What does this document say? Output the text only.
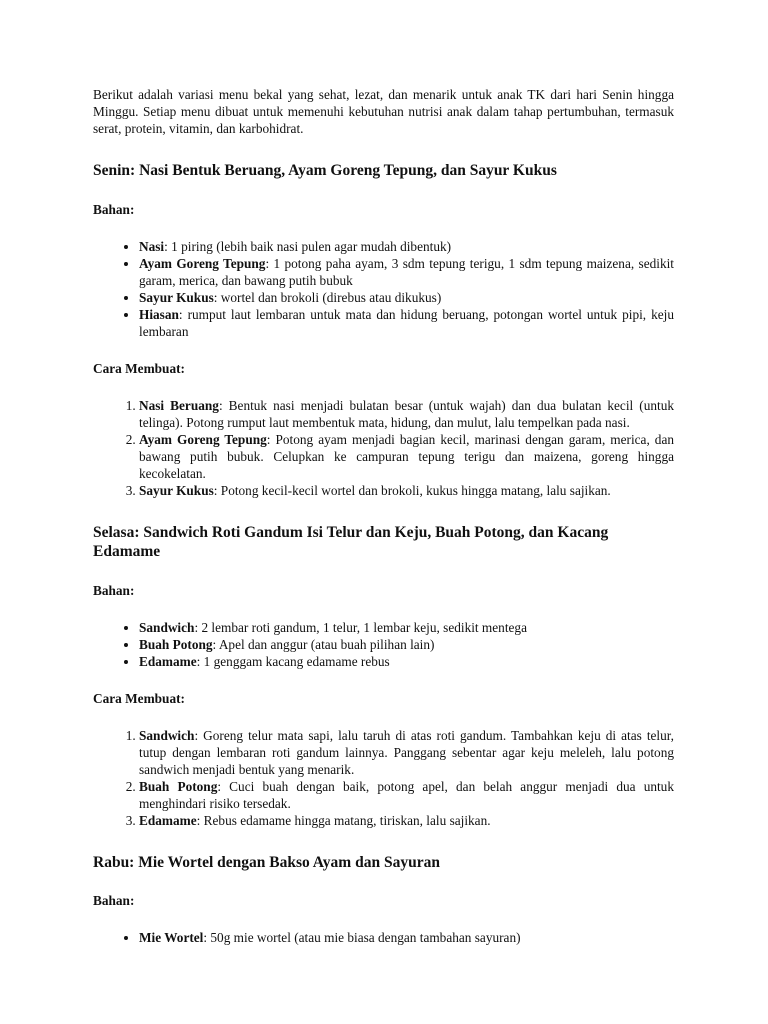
Berikut adalah variasi menu bekal yang sehat, lezat, dan menarik untuk anak TK dari hari Senin hingga Minggu. Setiap menu dibuat untuk memenuhi kebutuhan nutrisi anak dalam tahap pertumbuhan, termasuk serat, protein, vitamin, dan karbohidrat.

Senin: Nasi Bentuk Beruang, Ayam Goreng Tepung, dan Sayur Kukus

Bahan:

• Nasi: 1 piring (lebih baik nasi pulen agar mudah dibentuk)
• Ayam Goreng Tepung: 1 potong paha ayam, 3 sdm tepung terigu, 1 sdm tepung maizena, sedikit garam, merica, dan bawang putih bubuk
• Sayur Kukus: wortel dan brokoli (direbus atau dikukus)
• Hiasan: rumput laut lembaran untuk mata dan hidung beruang, potongan wortel untuk pipi, keju lembaran

Cara Membuat:

1. Nasi Beruang: Bentuk nasi menjadi bulatan besar (untuk wajah) dan dua bulatan kecil (untuk telinga). Potong rumput laut membentuk mata, hidung, dan mulut, lalu tempelkan pada nasi.
2. Ayam Goreng Tepung: Potong ayam menjadi bagian kecil, marinasi dengan garam, merica, dan bawang putih bubuk. Celupkan ke campuran tepung terigu dan maizena, goreng hingga kecokelatan.
3. Sayur Kukus: Potong kecil-kecil wortel dan brokoli, kukus hingga matang, lalu sajikan.
Selasa: Sandwich Roti Gandum Isi Telur dan Keju, Buah Potong, dan Kacang Edamame

Bahan:

• Sandwich: 2 lembar roti gandum, 1 telur, 1 lembar keju, sedikit mentega
• Buah Potong: Apel dan anggur (atau buah pilihan lain)
• Edamame: 1 genggam kacang edamame rebus

Cara Membuat:

1. Sandwich: Goreng telur mata sapi, lalu taruh di atas roti gandum. Tambahkan keju di atas telur, tutup dengan lembaran roti gandum lainnya. Panggang sebentar agar keju meleleh, lalu potong sandwich menjadi bentuk yang menarik.
2. Buah Potong: Cuci buah dengan baik, potong apel, dan belah anggur menjadi dua untuk menghindari risiko tersedak.
3. Edamame: Rebus edamame hingga matang, tiriskan, lalu sajikan.
Rabu: Mie Wortel dengan Bakso Ayam dan Sayuran

Bahan:

• Mie Wortel: 50g mie wortel (atau mie biasa dengan tambahan sayuran)
